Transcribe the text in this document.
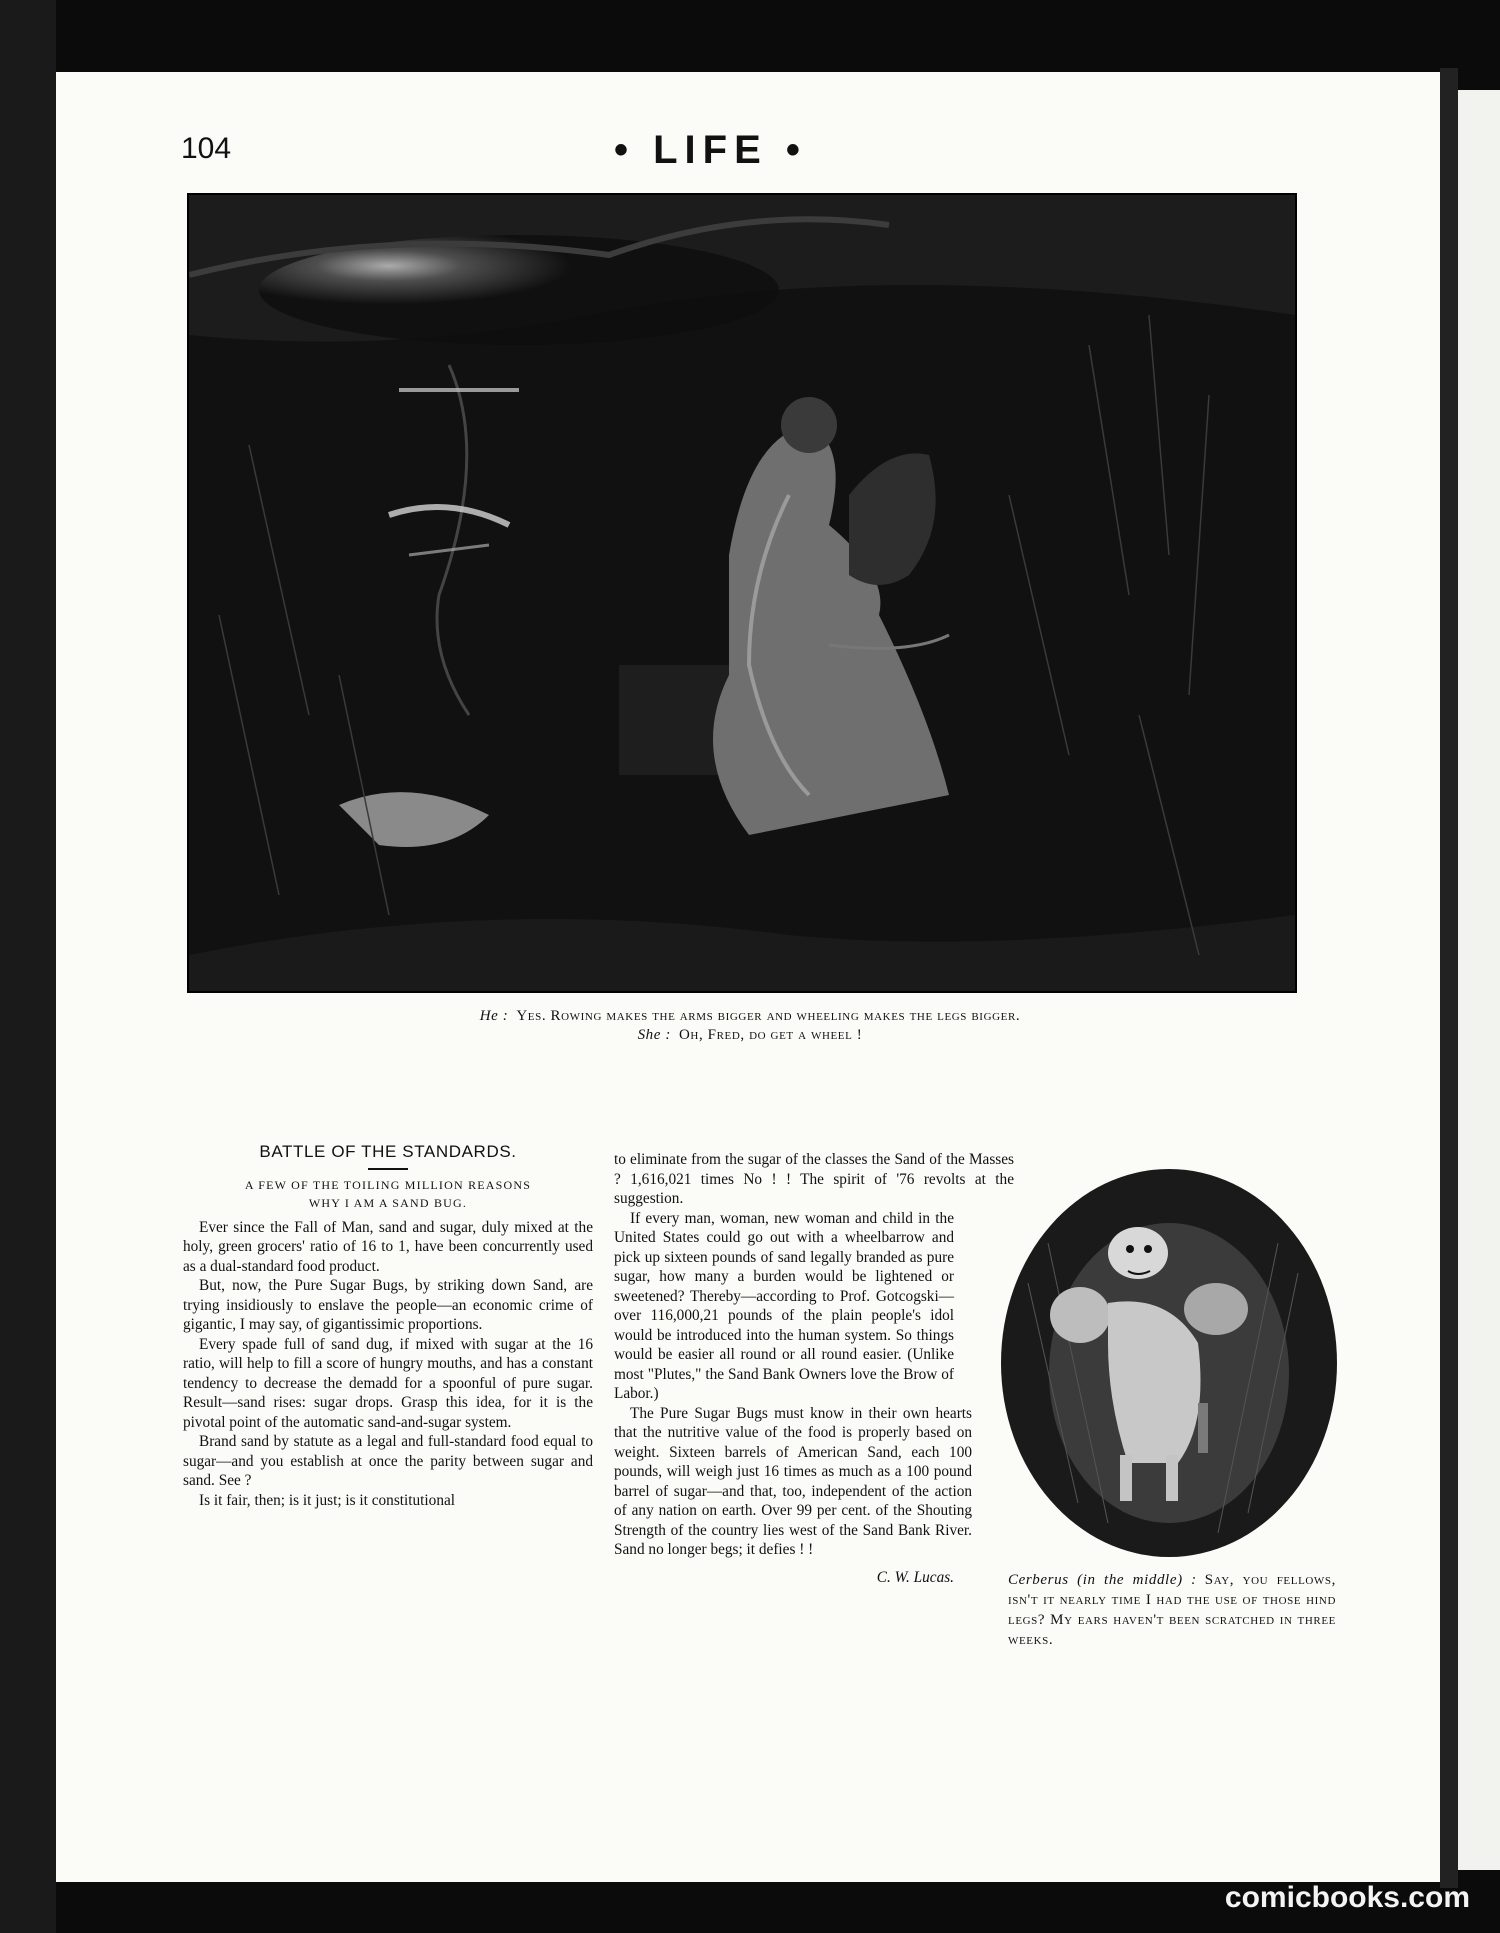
104	• LIFE •
He : Yes. Rowing makes the arms bigger and wheeling makes the legs bigger.
She : Oh, Fred, do get a wheel !
BATTLE OF THE STANDARDS.
A FEW OF THE TOILING MILLION REASONS
WHY I AM A SAND BUG.

Ever since the Fall of Man, sand and sugar, duly mixed at the holy, green grocers' ratio of 16 to 1, have been concurrently used as a dual-standard food product.

But, now, the Pure Sugar Bugs, by striking down Sand, are trying insidiously to enslave the people—an economic crime of gigantic, I may say, of gigantissimic proportions.

Every spade full of sand dug, if mixed with sugar at the 16 ratio, will help to fill a score of hungry mouths, and has a constant tendency to decrease the demadd for a spoonful of pure sugar. Result—sand rises: sugar drops. Grasp this idea, for it is the pivotal point of the automatic sand-and-sugar system.

Brand sand by statute as a legal and full-standard food equal to sugar—and you establish at once the parity between sugar and sand. See ?

Is it fair, then; is it just; is it constitutional

to eliminate from the sugar of the classes the Sand of the Masses ? 1,616,021 times No ! ! The spirit of '76 revolts at the suggestion.

If every man, woman, new woman and child in the United States could go out with a wheelbarrow and pick up sixteen pounds of sand legally branded as pure sugar, how many a burden would be lightened or sweetened? Thereby—according to Prof. Gotcogski—over 116,000,21 pounds of the plain people's idol would be introduced into the human system. So things would be easier all round or all round easier. (Unlike most "Plutes," the Sand Bank Owners love the Brow of Labor.)

The Pure Sugar Bugs must know in their own hearts that the nutritive value of the food is properly based on weight. Sixteen barrels of American Sand, each 100 pounds, will weigh just 16 times as much as a 100 pound barrel of sugar—and that, too, independent of the action of any nation on earth. Over 99 per cent. of the Shouting Strength of the country lies west of the Sand Bank River. Sand no longer begs; it defies ! !

C. W. Lucas.	Cerberus (in the middle) : Say, you fellows, isn't it nearly time I had the use of those hind legs? My ears haven't been scratched in three weeks.
comicbooks.com
